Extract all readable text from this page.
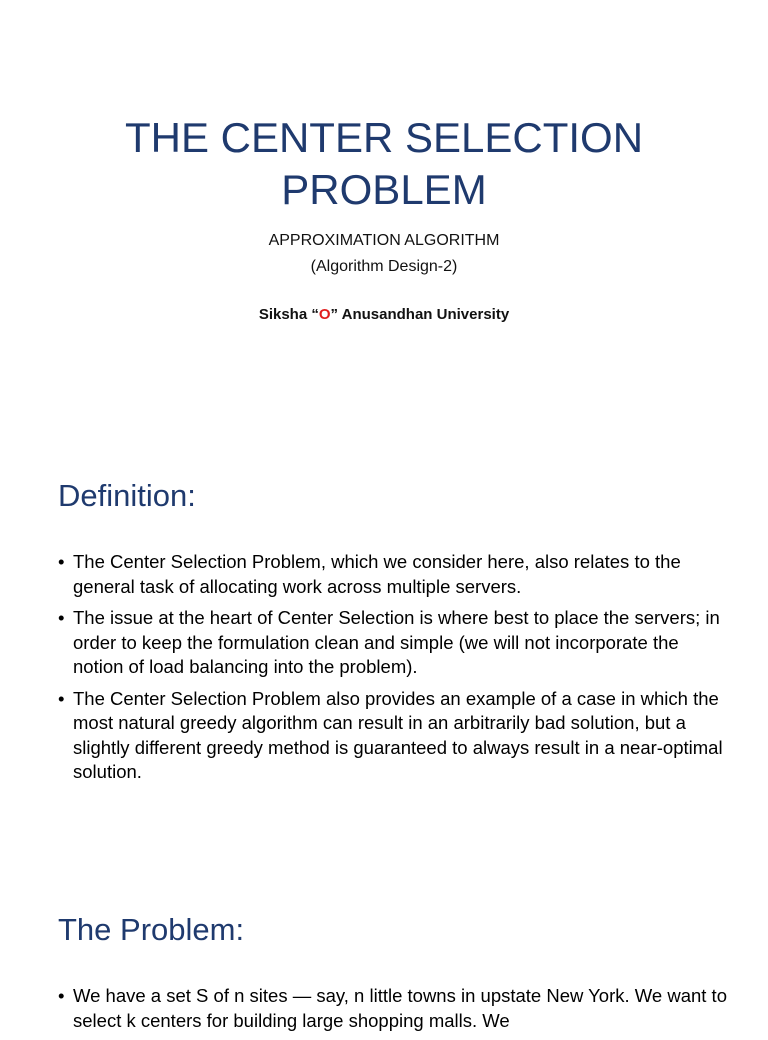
THE CENTER SELECTION
PROBLEM
APPROXIMATION ALGORITHM
(Algorithm Design-2)
Siksha “O” Anusandhan University
Definition:
• The Center Selection Problem, which we consider here, also relates to the general task of allocating work across multiple servers.
• The issue at the heart of Center Selection is where best to place the servers; in order to keep the formulation clean and simple (we will not incorporate the notion of load balancing into the problem).
• The Center Selection Problem also provides an example of a case in which the most natural greedy algorithm can result in an arbitrarily bad solution, but a slightly different greedy method is guaranteed to always result in a near-optimal solution.
The Problem:
• We have a set S of n sites — say, n little towns in upstate New York. We want to select k centers for building large shopping malls. We
